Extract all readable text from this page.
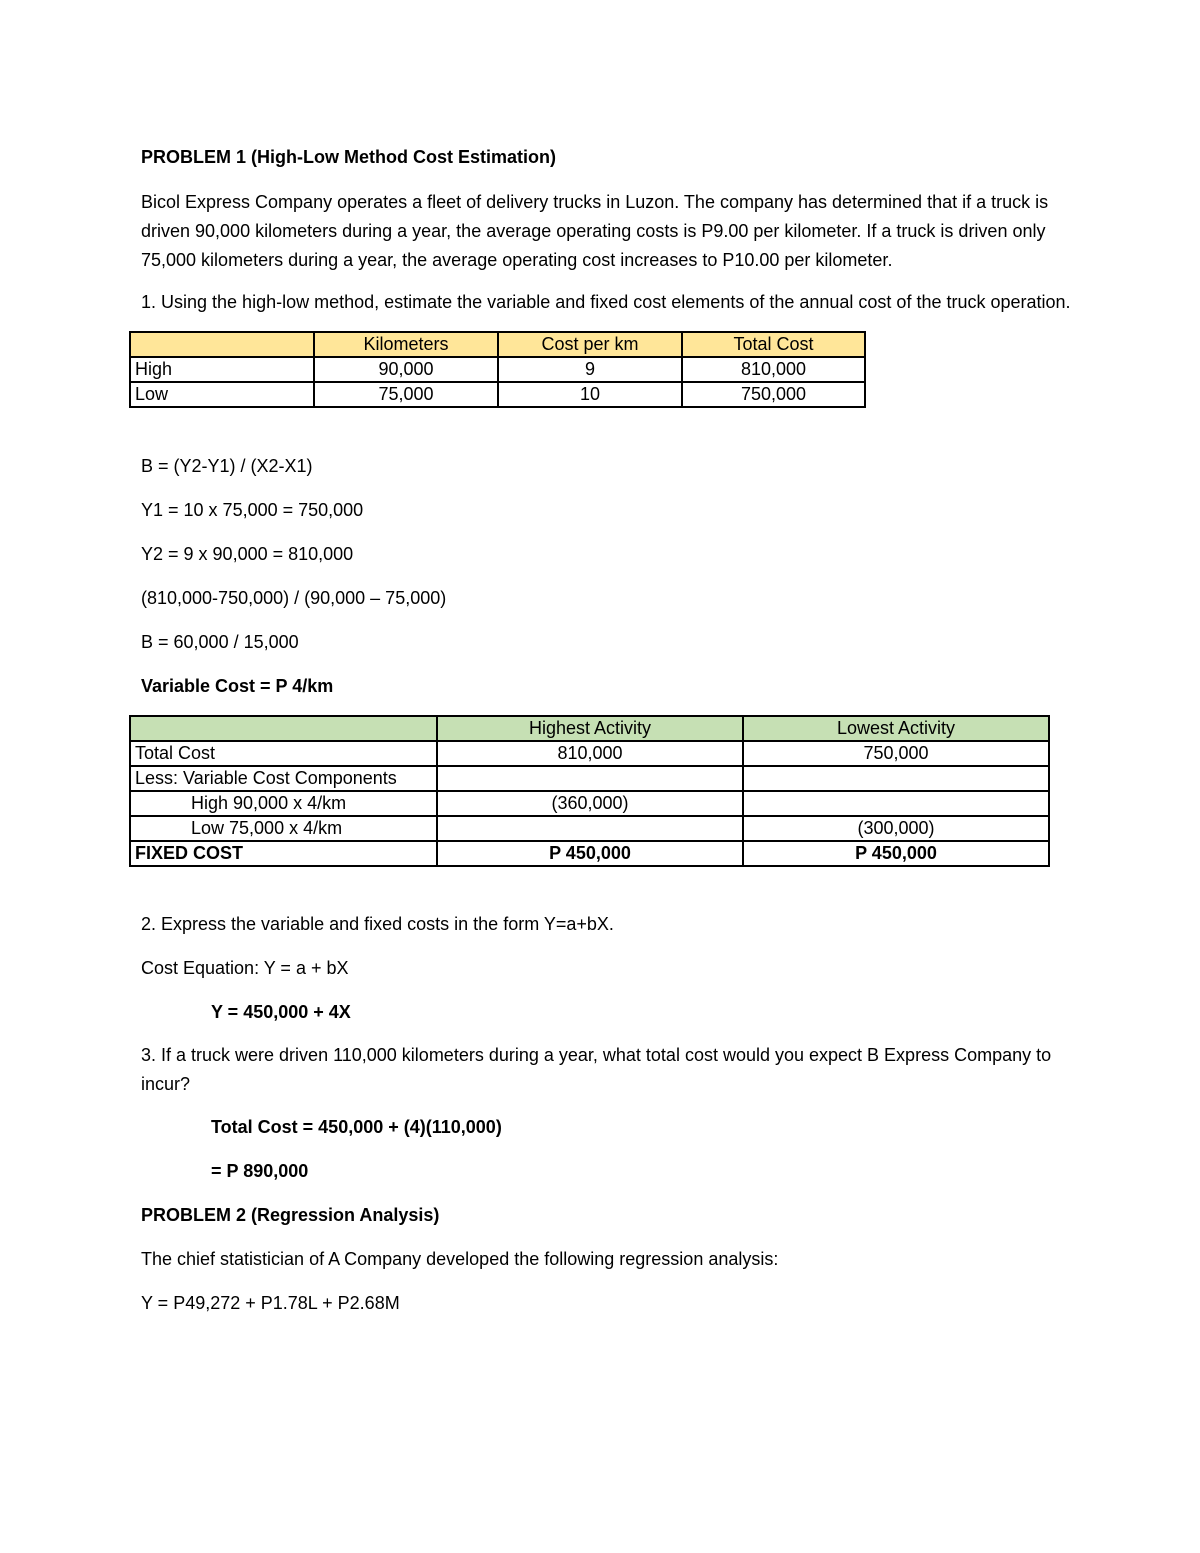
PROBLEM 1 (High-Low Method Cost Estimation)

Bicol Express Company operates a fleet of delivery trucks in Luzon. The company has determined that if a truck is driven 90,000 kilometers during a year, the average operating costs is P9.00 per kilometer. If a truck is driven only 75,000 kilometers during a year, the average operating cost increases to P10.00 per kilometer.

1. Using the high-low method, estimate the variable and fixed cost elements of the annual cost of the truck operation.

	Kilometers	Cost per km	Total Cost
High	90,000	9	810,000
Low	75,000	10	750,000

B = (Y2-Y1) / (X2-X1)

Y1 = 10 x 75,000 = 750,000

Y2 = 9 x 90,000 = 810,000

(810,000-750,000) / (90,000 – 75,000)

B = 60,000 / 15,000

Variable Cost = P 4/km

	Highest Activity	Lowest Activity
Total Cost	810,000	750,000
Less: Variable Cost Components		
High 90,000 x 4/km	(360,000)	
Low 75,000 x 4/km		(300,000)
FIXED COST	P 450,000	P 450,000

2. Express the variable and fixed costs in the form Y=a+bX.

Cost Equation: Y = a + bX

Y = 450,000 + 4X

3. If a truck were driven 110,000 kilometers during a year, what total cost would you expect B Express Company to incur?

Total Cost = 450,000 + (4)(110,000)

= P 890,000

PROBLEM 2 (Regression Analysis)

The chief statistician of A Company developed the following regression analysis:

Y = P49,272 + P1.78L + P2.68M
